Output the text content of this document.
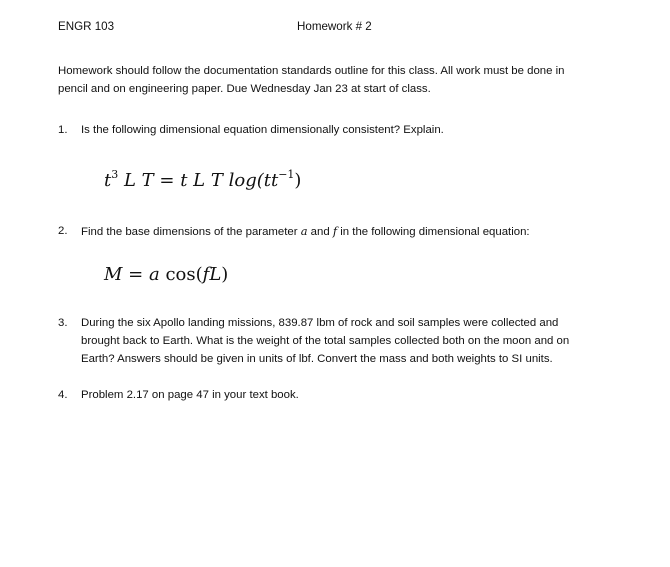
ENGR 103	Homework # 2
Homework should follow the documentation standards outline for this class. All work must be done in
pencil and on engineering paper. Due Wednesday Jan 23 at start of class.
1.	Is the following dimensional equation dimensionally consistent? Explain.
$t^3$ L T = t L T $\log(tt^{-1})$
2.	Find the base dimensions of the parameter a and f in the following dimensional equation:
M = a cos(fL)
3.	During the six Apollo landing missions, 839.87 lbm of rock and soil samples were collected and
brought back to Earth. What is the weight of the total samples collected both on the moon and on
Earth? Answers should be given in units of lbf. Convert the mass and both weights to SI units.
4.	Problem 2.17 on page 47 in your text book.
